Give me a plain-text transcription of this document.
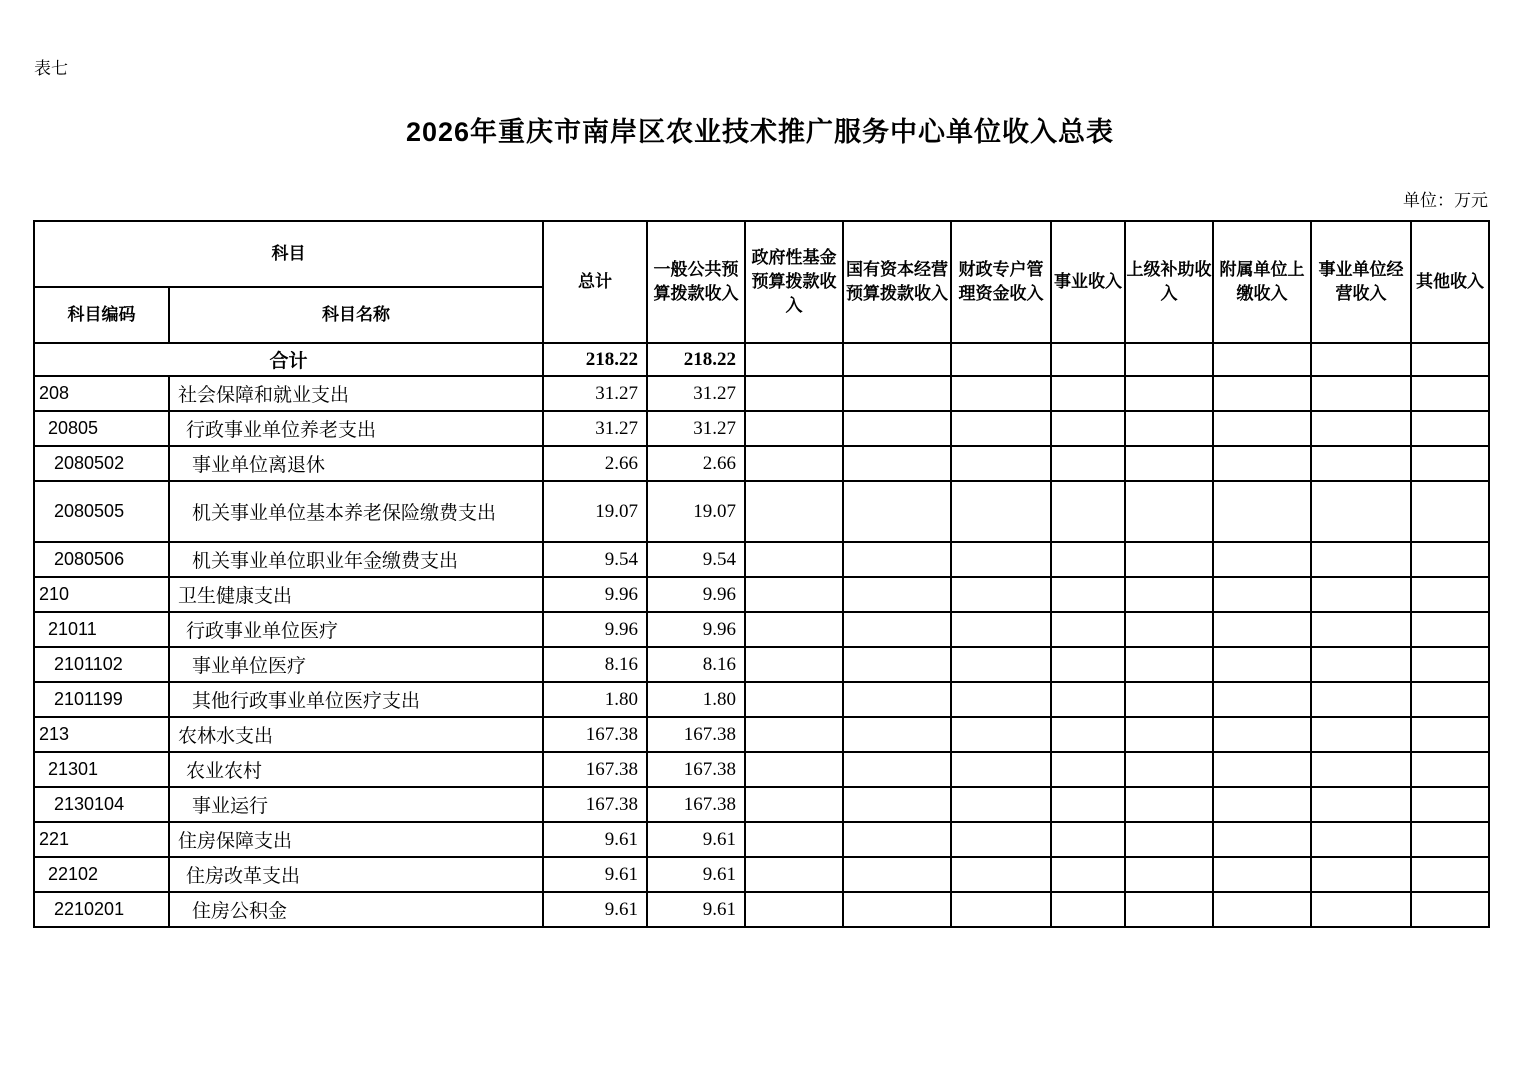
表七
2026年重庆市南岸区农业技术推广服务中心单位收入总表
单位：万元
科目		总计	一般公共预算拨款收入	政府性基金预算拨款收入	国有资本经营预算拨款收入	财政专户管理资金收入	事业收入	上级补助收入	附属单位上缴收入	事业单位经营收入	其他收入
科目编码	科目名称										
合计		218.22	218.22								
208	社会保障和就业支出	31.27	31.27								
20805	行政事业单位养老支出	31.27	31.27								
2080502	事业单位离退休	2.66	2.66								
2080505	机关事业单位基本养老保险缴费支出	19.07	19.07								
2080506	机关事业单位职业年金缴费支出	9.54	9.54								
210	卫生健康支出	9.96	9.96								
21011	行政事业单位医疗	9.96	9.96								
2101102	事业单位医疗	8.16	8.16								
2101199	其他行政事业单位医疗支出	1.80	1.80								
213	农林水支出	167.38	167.38								
21301	农业农村	167.38	167.38								
2130104	事业运行	167.38	167.38								
221	住房保障支出	9.61	9.61								
22102	住房改革支出	9.61	9.61								
2210201	住房公积金	9.61	9.61								
